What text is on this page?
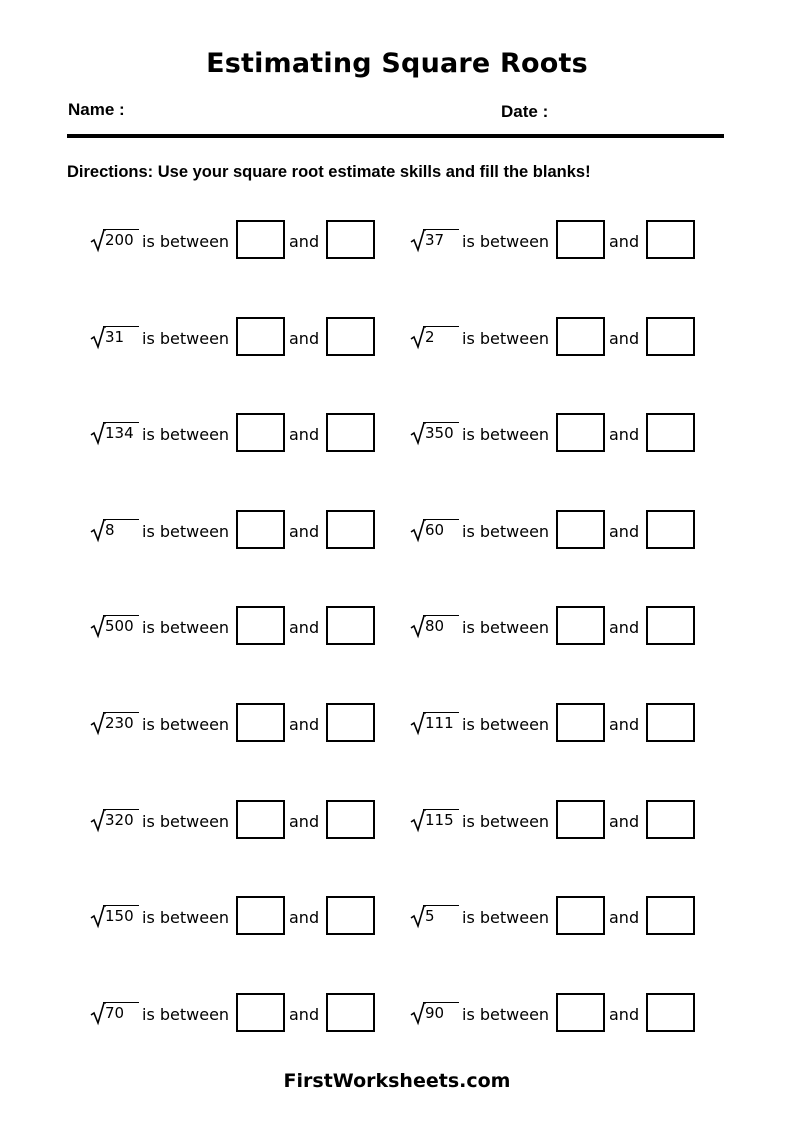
Estimating Square Roots
Name :	Date :
Directions: Use your square root estimate skills and fill the blanks!
200 is between	and
31	is between	and
134 is between	and
8	is between	and
500 is between	and
230 is between	and
320 is between	and
150 is between	and
70	is between	and
37	is between	and
2	is between	and
350 is between	and
60	is between	and
80	is between	and
111 is between	and
115 is between	and
5	is between	and
90	is between	and
FirstWorksheets.com
